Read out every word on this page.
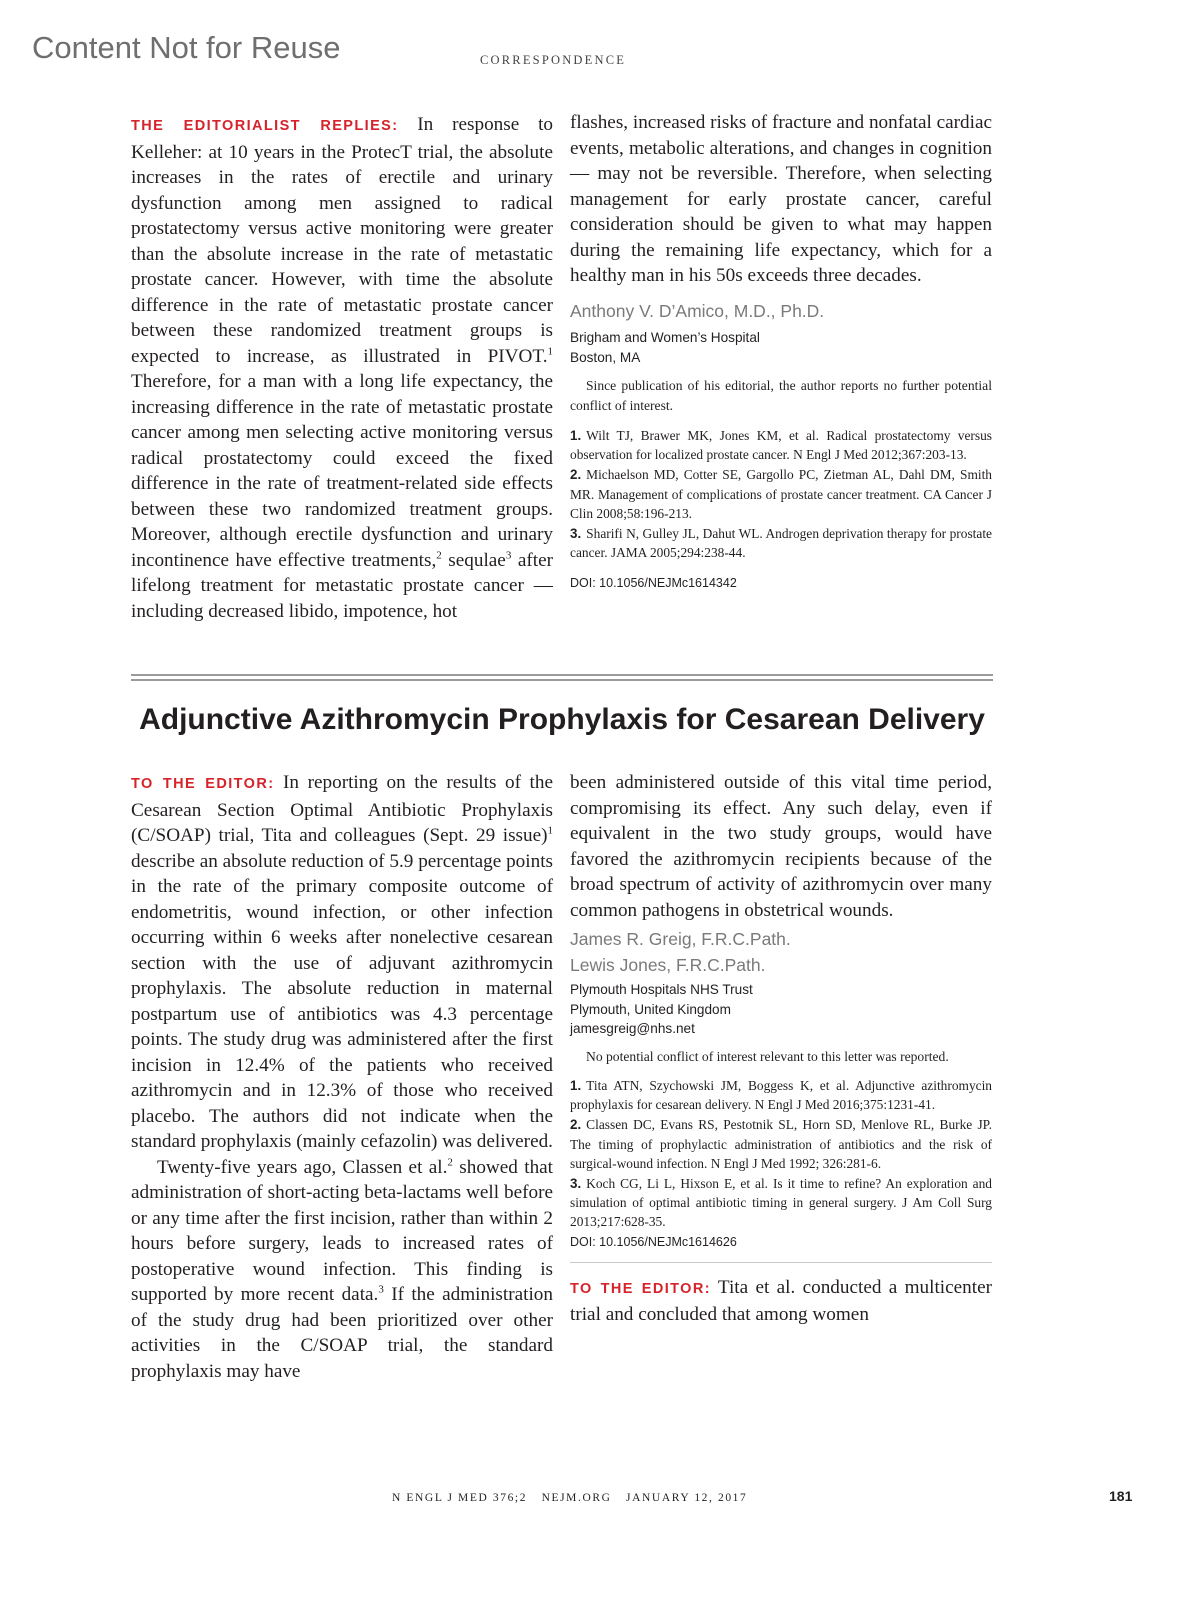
Content Not for Reuse	CORRESPONDENCE

THE EDITORIALIST REPLIES: In response to Kelleher: at 10 years in the ProtecT trial, the absolute increases in the rates of erectile and urinary dysfunction among men assigned to radical prostatectomy versus active monitoring were greater than the absolute increase in the rate of metastatic prostate cancer. However, with time the absolute difference in the rate of metastatic prostate cancer between these randomized treatment groups is expected to increase, as illustrated in PIVOT.$^1$ Therefore, for a man with a long life expectancy, the increasing difference in the rate of metastatic prostate cancer among men selecting active monitoring versus radical prostatectomy could exceed the fixed difference in the rate of treatment-related side effects between these two randomized treatment groups. Moreover, although erectile dysfunction and urinary incontinence have effective treatments,$^2$ sequlae$^3$ after lifelong treatment for metastatic prostate cancer — including decreased libido, impotence, hot

flashes, increased risks of fracture and nonfatal cardiac events, metabolic alterations, and changes in cognition — may not be reversible. Therefore, when selecting management for early prostate cancer, careful consideration should be given to what may happen during the remaining life expectancy, which for a healthy man in his 50s exceeds three decades.

Anthony V. D’Amico, M.D., Ph.D.

Brigham and Women’s Hospital

Boston, MA

Since publication of his editorial, the author reports no further potential conflict of interest.

1. Wilt TJ, Brawer MK, Jones KM, et al. Radical prostatectomy versus observation for localized prostate cancer. N Engl J Med 2012;367:203-13.
2. Michaelson MD, Cotter SE, Gargollo PC, Zietman AL, Dahl DM, Smith MR. Management of complications of prostate cancer treatment. CA Cancer J Clin 2008;58:196-213.
3. Sharifi N, Gulley JL, Dahut WL. Androgen deprivation therapy for prostate cancer. JAMA 2005;294:238-44.

DOI: 10.1056/NEJMc1614342

Adjunctive Azithromycin Prophylaxis for Cesarean Delivery

TO THE EDITOR: In reporting on the results of the Cesarean Section Optimal Antibiotic Prophylaxis (C/SOAP) trial, Tita and colleagues (Sept. 29 issue)$^1$ describe an absolute reduction of 5.9 percentage points in the rate of the primary composite outcome of endometritis, wound infection, or other infection occurring within 6 weeks after nonelective cesarean section with the use of adjuvant azithromycin prophylaxis. The absolute reduction in maternal postpartum use of antibiotics was 4.3 percentage points. The study drug was administered after the first incision in 12.4% of the patients who received azithromycin and in 12.3% of those who received placebo. The authors did not indicate when the standard prophylaxis (mainly cefazolin) was delivered.

Twenty-five years ago, Classen et al.$^2$ showed that administration of short-acting beta-lactams well before or any time after the first incision, rather than within 2 hours before surgery, leads to increased rates of postoperative wound infection. This finding is supported by more recent data.$^3$ If the administration of the study drug had been prioritized over other activities in the C/SOAP trial, the standard prophylaxis may have

been administered outside of this vital time period, compromising its effect. Any such delay, even if equivalent in the two study groups, would have favored the azithromycin recipients because of the broad spectrum of activity of azithromycin over many common pathogens in obstetrical wounds.

James R. Greig, F.R.C.Path.

Lewis Jones, F.R.C.Path.

Plymouth Hospitals NHS Trust

Plymouth, United Kingdom

jamesgreig@nhs.net

No potential conflict of interest relevant to this letter was reported.

1. Tita ATN, Szychowski JM, Boggess K, et al. Adjunctive azithromycin prophylaxis for cesarean delivery. N Engl J Med 2016;375:1231-41.
2. Classen DC, Evans RS, Pestotnik SL, Horn SD, Menlove RL, Burke JP. The timing of prophylactic administration of antibiotics and the risk of surgical-wound infection. N Engl J Med 1992; 326:281-6.
3. Koch CG, Li L, Hixson E, et al. Is it time to refine? An exploration and simulation of optimal antibiotic timing in general surgery. J Am Coll Surg 2013;217:628-35.

DOI: 10.1056/NEJMc1614626

TO THE EDITOR: Tita et al. conducted a multicenter trial and concluded that among women

N ENGL J MED 376;2 NEJM.ORG JANUARY 12, 2017	181
